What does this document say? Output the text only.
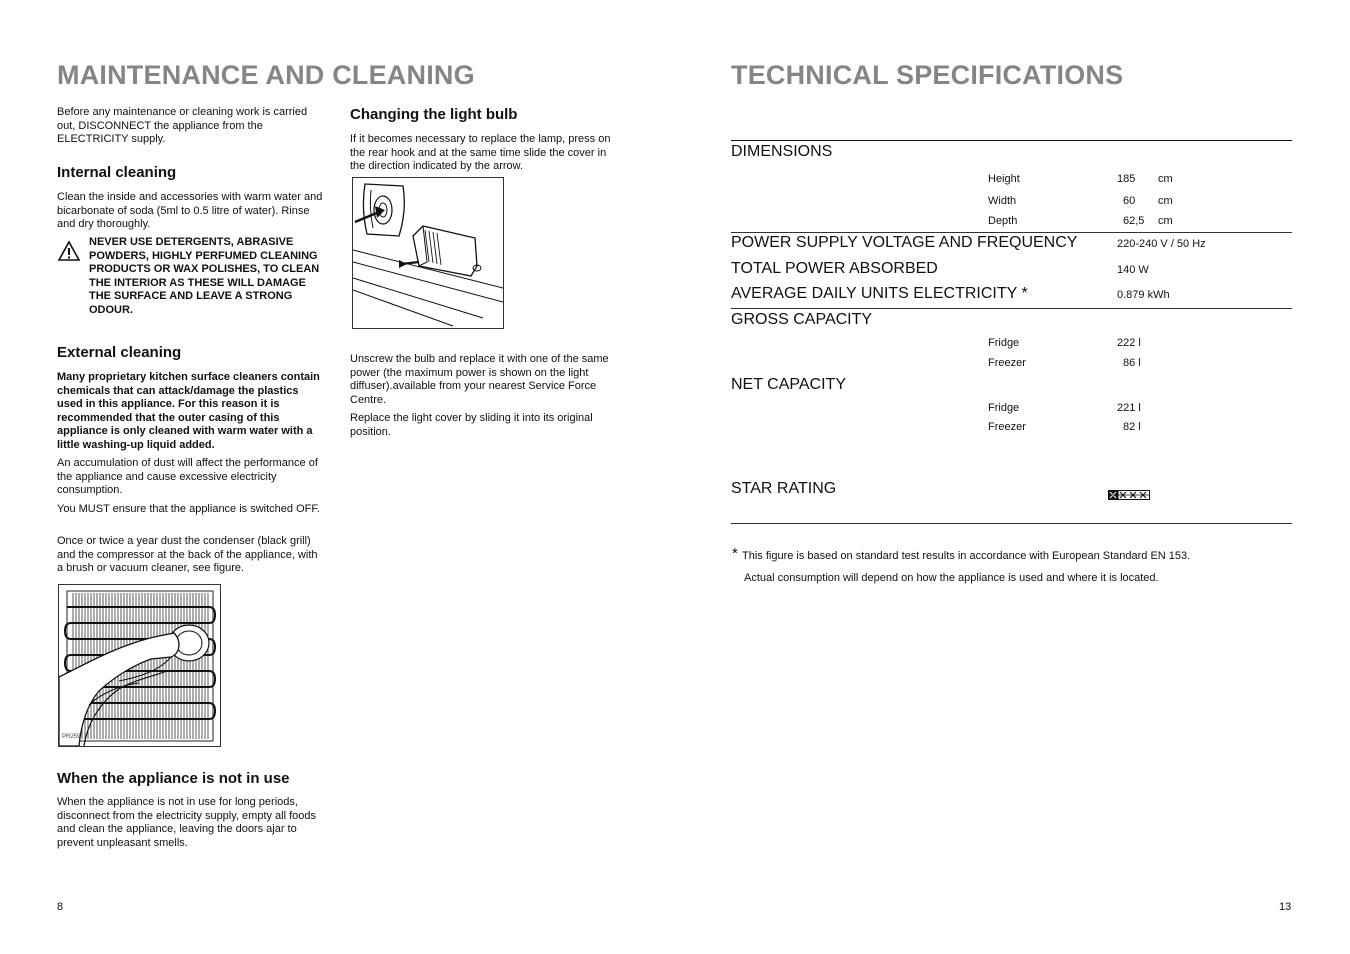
MAINTENANCE AND CLEANING

Before any maintenance or cleaning work is carried out, DISCONNECT the appliance from the ELECTRICITY supply.

Internal cleaning

Clean the inside and accessories with warm water and bicarbonate of soda (5ml to 0.5 litre of water). Rinse and dry thoroughly.

NEVER USE DETERGENTS, ABRASIVE POWDERS, HIGHLY PERFUMED CLEANING PRODUCTS OR WAX POLISHES, TO CLEAN THE INTERIOR AS THESE WILL DAMAGE THE SURFACE AND LEAVE A STRONG ODOUR.

External cleaning

Many proprietary kitchen surface cleaners contain chemicals that can attack/damage the plastics used in this appliance. For this reason it is recommended that the outer casing of this appliance is only cleaned with warm water with a little washing-up liquid added.

An accumulation of dust will affect the performance of the appliance and cause excessive electricity consumption.

You MUST ensure that the appliance is switched OFF.

Once or twice a year dust the condenser (black grill) and the compressor at the back of the appliance, with a brush or vacuum cleaner, see figure.

PR259
When the appliance is not in use

When the appliance is not in use for long periods, disconnect from the electricity supply, empty all foods and clean the appliance, leaving the doors ajar to prevent unpleasant smells.

Changing the light bulb

If it becomes necessary to replace the lamp, press on the rear hook and at the same time slide the cover in the direction indicated by the arrow.

Unscrew the bulb and replace it with one of the same power (the maximum power is shown on the light diffuser).available from your nearest Service Force Centre.

Replace the light cover by sliding it into its original position.

8
TECHNICAL SPECIFICATIONS
DIMENSIONS
Height	185 cm
Width	60 cm
Depth	62,5 cm
POWER SUPPLY VOLTAGE AND FREQUENCY	220-240 V / 50 Hz
TOTAL POWER ABSORBED	140 W
AVERAGE DAILY UNITS ELECTRICITY *	0.879 kWh
GROSS CAPACITY
Fridge	222 l
Freezer	86 l
NET CAPACITY
Fridge	221 l
Freezer	82 l
STAR RATING
* This figure is based on standard test results in accordance with European Standard EN 153.
Actual consumption will depend on how the appliance is used and where it is located.
13
